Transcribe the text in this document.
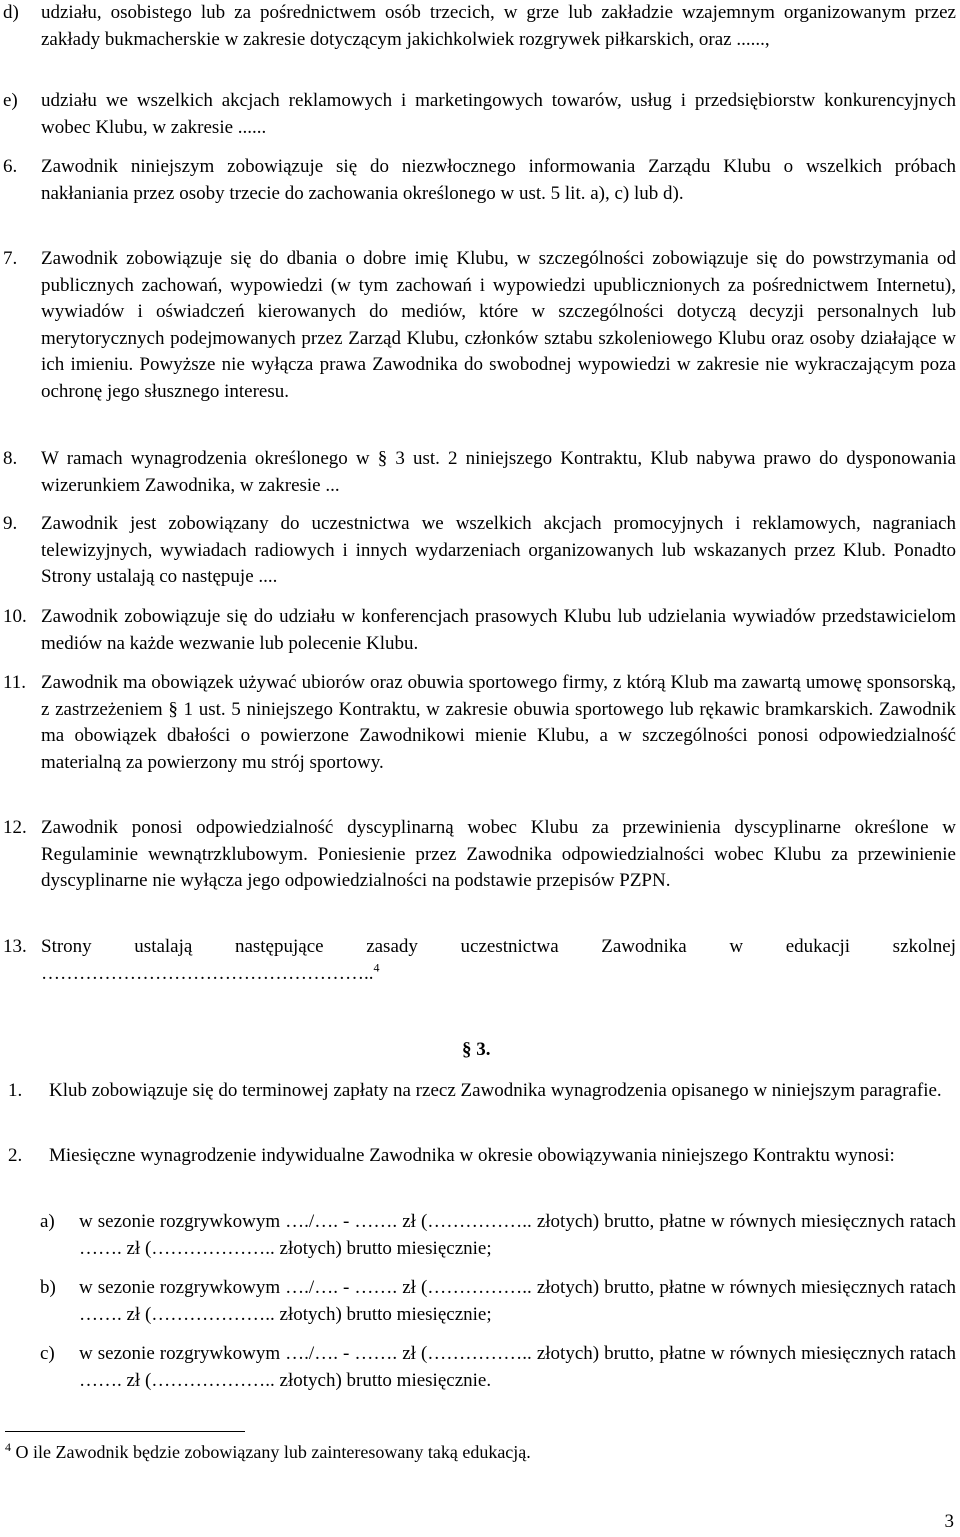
d) udziału, osobistego lub za pośrednictwem osób trzecich, w grze lub zakładzie wzajemnym organizowanym przez zakłady bukmacherskie w zakresie dotyczącym jakichkolwiek rozgrywek piłkarskich, oraz ......,
e) udziału we wszelkich akcjach reklamowych i marketingowych towarów, usług i przedsiębiorstw konkurencyjnych wobec Klubu, w zakresie ......
6. Zawodnik niniejszym zobowiązuje się do niezwłocznego informowania Zarządu Klubu o wszelkich próbach nakłaniania przez osoby trzecie do zachowania określonego w ust. 5 lit. a), c) lub d).
7. Zawodnik zobowiązuje się do dbania o dobre imię Klubu, w szczególności zobowiązuje się do powstrzymania od publicznych zachowań, wypowiedzi (w tym zachowań i wypowiedzi upublicznionych za pośrednictwem Internetu), wywiadów i oświadczeń kierowanych do mediów, które w szczególności dotyczą decyzji personalnych lub merytorycznych podejmowanych przez Zarząd Klubu, członków sztabu szkoleniowego Klubu oraz osoby działające w ich imieniu. Powyższe nie wyłącza prawa Zawodnika do swobodnej wypowiedzi w zakresie nie wykraczającym poza ochronę jego słusznego interesu.
8. W ramach wynagrodzenia określonego w § 3 ust. 2 niniejszego Kontraktu, Klub nabywa prawo do dysponowania wizerunkiem Zawodnika, w zakresie ...
9. Zawodnik jest zobowiązany do uczestnictwa we wszelkich akcjach promocyjnych i reklamowych, nagraniach telewizyjnych, wywiadach radiowych i innych wydarzeniach organizowanych lub wskazanych przez Klub. Ponadto Strony ustalają co następuje ....
10. Zawodnik zobowiązuje się do udziału w konferencjach prasowych Klubu lub udzielania wywiadów przedstawicielom mediów na każde wezwanie lub polecenie Klubu.
11. Zawodnik ma obowiązek używać ubiorów oraz obuwia sportowego firmy, z którą Klub ma zawartą umowę sponsorską, z zastrzeżeniem § 1 ust. 5 niniejszego Kontraktu, w zakresie obuwia sportowego lub rękawic bramkarskich. Zawodnik ma obowiązek dbałości o powierzone Zawodnikowi mienie Klubu, a w szczególności ponosi odpowiedzialność materialną za powierzony mu strój sportowy.
12. Zawodnik ponosi odpowiedzialność dyscyplinarną wobec Klubu za przewinienia dyscyplinarne określone w Regulaminie wewnątrzklubowym. Poniesienie przez Zawodnika odpowiedzialności wobec Klubu za przewinienie dyscyplinarne nie wyłącza jego odpowiedzialności na podstawie przepisów PZPN.
13. Strony ustalają następujące zasady uczestnictwa Zawodnika w edukacji szkolnej ……………………………………………..$^4$
§ 3.
1. Klub zobowiązuje się do terminowej zapłaty na rzecz Zawodnika wynagrodzenia opisanego w niniejszym paragrafie.
2. Miesięczne wynagrodzenie indywidualne Zawodnika w okresie obowiązywania niniejszego Kontraktu wynosi:
a) w sezonie rozgrywkowym …./…. - ……. zł (…………….. złotych) brutto, płatne w równych miesięcznych ratach ……. zł (……………….. złotych) brutto miesięcznie;
b) w sezonie rozgrywkowym …./…. - ……. zł (…………….. złotych) brutto, płatne w równych miesięcznych ratach ……. zł (……………….. złotych) brutto miesięcznie;
c) w sezonie rozgrywkowym …./…. - ……. zł (…………….. złotych) brutto, płatne w równych miesięcznych ratach ……. zł (……………….. złotych) brutto miesięcznie.
$^4$ O ile Zawodnik będzie zobowiązany lub zainteresowany taką edukacją.
3
